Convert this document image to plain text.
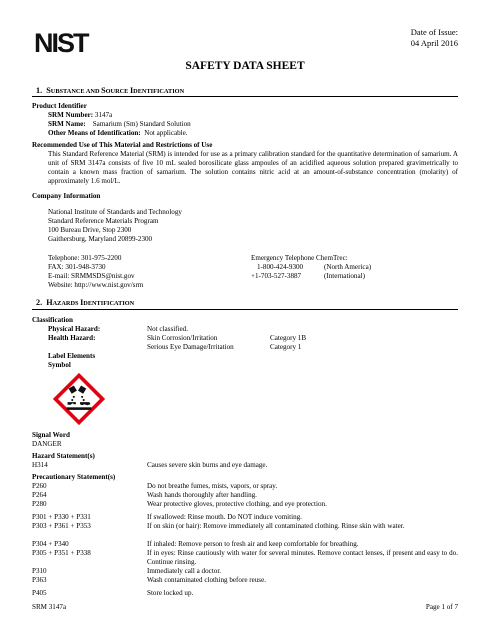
NIST	Date of Issue:
04 April 2016
SAFETY DATA SHEET
1. SUBSTANCE AND SOURCE IDENTIFICATION
Product Identifier
SRM Number: 3147a
SRM Name: Samarium (Sm) Standard Solution
Other Means of Identification: Not applicable.
Recommended Use of This Material and Restrictions of Use
This Standard Reference Material (SRM) is intended for use as a primary calibration standard for the quantitative determination of samarium. A unit of SRM 3147a consists of five 10 mL sealed borosilicate glass ampoules of an acidified aqueous solution prepared gravimetrically to contain a known mass fraction of samarium. The solution contains nitric acid at an amount-of-substance concentration (molarity) of approximately 1.6 mol/L.
Company Information
National Institute of Standards and Technology
Standard Reference Materials Program
100 Bureau Drive, Stop 2300
Gaithersburg, Maryland 20899-2300
Telephone: 301-975-2200
FAX: 301-948-3730
E-mail: SRMMSDS@nist.gov
Website: http://www.nist.gov/srm
Emergency Telephone ChemTrec:
1-800-424-9300	(North America)
+1-703-527-3887	(International)
2. HAZARDS IDENTIFICATION
Classification
Physical Hazard:	Not classified.
Health Hazard:	Skin Corrosion/Irritation	Category 1B
Serious Eye Damage/Irritation	Category 1
Label Elements
Symbol
Signal Word
DANGER
Hazard Statement(s)
H314	Causes severe skin burns and eye damage.
Precautionary Statement(s)
P260	Do not breathe fumes, mists, vapors, or spray.
P264	Wash hands thoroughly after handling.
P280	Wear protective gloves, protective clothing, and eye protection.
P301 + P330 + P331	If swallowed: Rinse mouth. Do NOT induce vomiting.
P303 + P361 + P353	If on skin (or hair): Remove immediately all contaminated clothing. Rinse skin with water.
P304 + P340	If inhaled: Remove person to fresh air and keep comfortable for breathing.
P305 + P351 + P338	If in eyes: Rinse cautiously with water for several minutes. Remove contact lenses, if present and easy to do. Continue rinsing.
P310	Immediately call a doctor.
P363	Wash contaminated clothing before reuse.
P405	Store locked up.
SRM 3147a	Page 1 of 7
